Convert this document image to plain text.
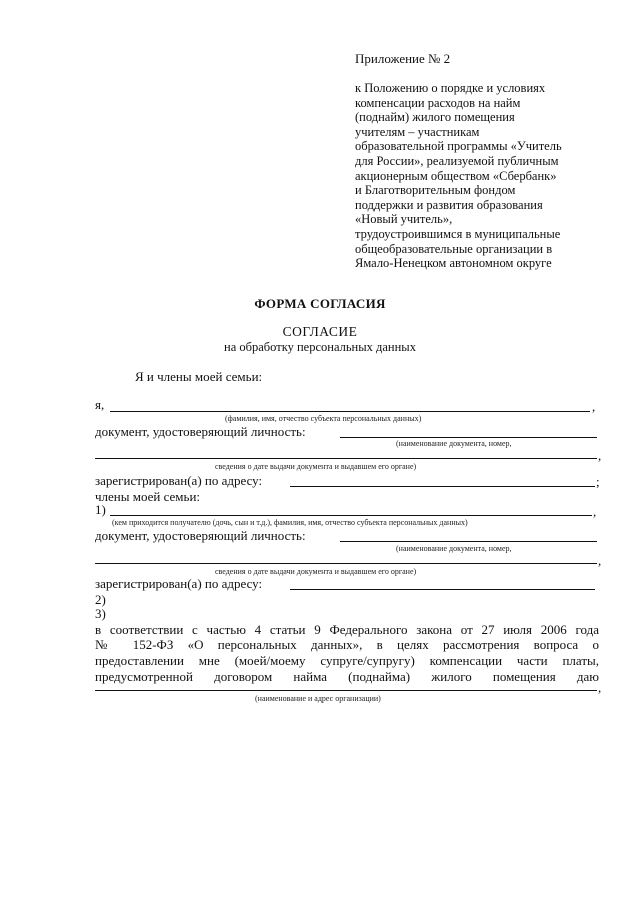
Приложение № 2
к Положению о порядке и условиях
компенсации расходов на найм
(поднайм) жилого помещения
учителям – участникам
образовательной программы «Учитель
для России», реализуемой публичным
акционерным обществом «Сбербанк»
и Благотворительным фондом
поддержки и развития образования
«Новый учитель»,
трудоустроившимся в муниципальные
общеобразовательные организации в
Ямало-Ненецком автономном округе
ФОРМА СОГЛАСИЯ
СОГЛАСИЕ
на обработку персональных данных
Я и члены моей семьи:
я,	,
(фамилия, имя, отчество субъекта персональных данных)
документ, удостоверяющий личность:
(наименование документа, номер,
,
сведения о дате выдачи документа и выдавшем его органе)
зарегистрирован(а) по адресу:	;
члены моей семьи:
1)	,
(кем приходится получателю (дочь, сын и т.д.), фамилия, имя, отчество субъекта персональных данных)
документ, удостоверяющий личность:
(наименование документа, номер,
,
сведения о дате выдачи документа и выдавшем его органе)
зарегистрирован(а) по адресу:
2)
3)
в соответствии с частью 4 статьи 9 Федерального закона от 27 июля 2006 года
№ 152-ФЗ «О персональных данных», в целях рассмотрения вопроса о
предоставлении мне (моей/моему супруге/супругу) компенсации части платы,
предусмотренной договором найма (поднайма) жилого помещения даю
,
(наименование и адрес организации)
